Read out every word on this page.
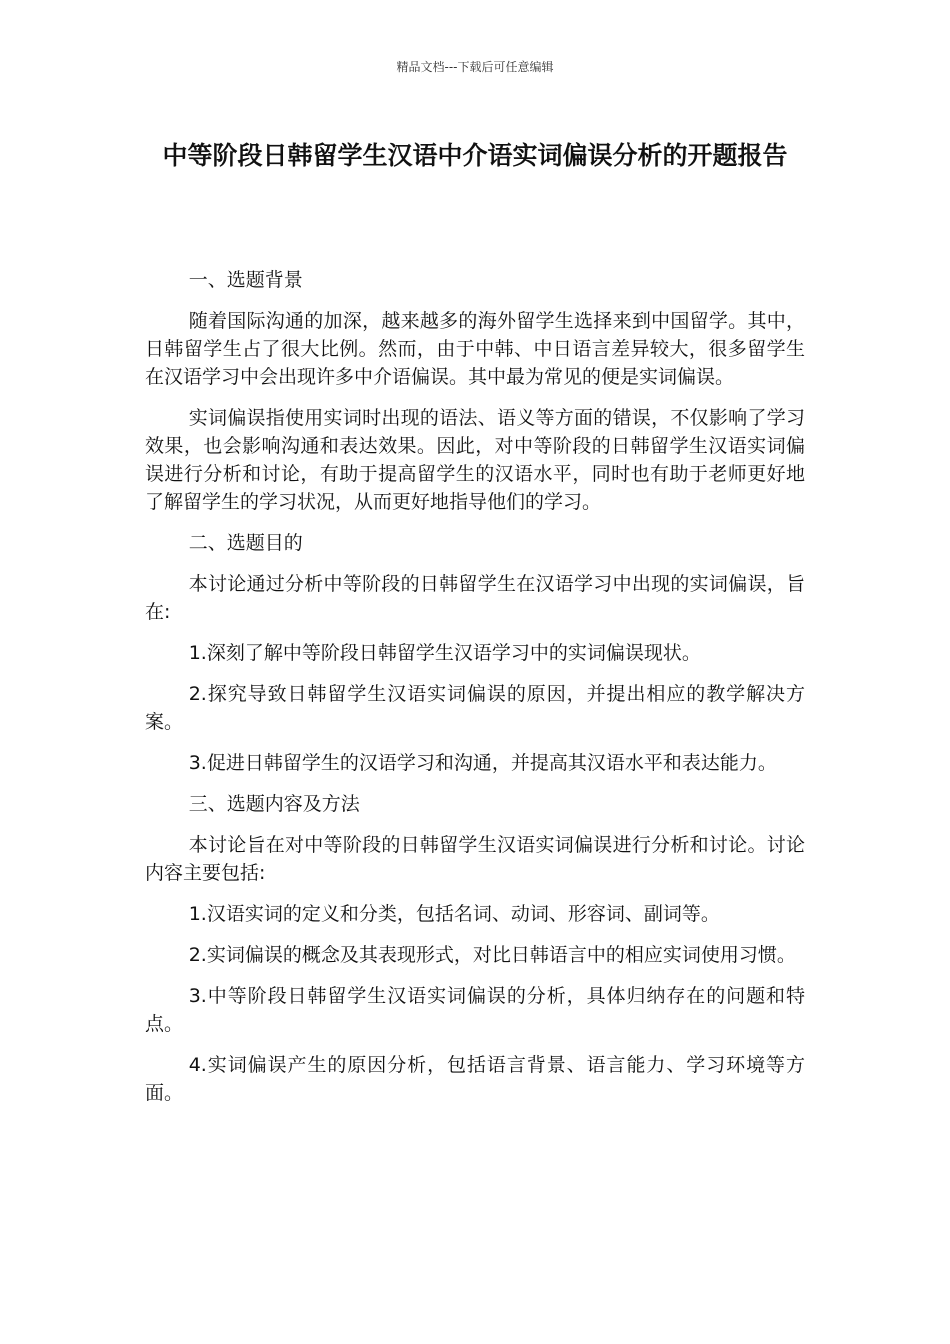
精品文档---下载后可任意编辑
中等阶段日韩留学生汉语中介语实词偏误分析的开题报告

一、选题背景

随着国际沟通的加深，越来越多的海外留学生选择来到中国留学。其中，日韩留学生占了很大比例。然而，由于中韩、中日语言差异较大，很多留学生在汉语学习中会出现许多中介语偏误。其中最为常见的便是实词偏误。

实词偏误指使用实词时出现的语法、语义等方面的错误，不仅影响了学习效果，也会影响沟通和表达效果。因此，对中等阶段的日韩留学生汉语实词偏误进行分析和讨论，有助于提高留学生的汉语水平，同时也有助于老师更好地了解留学生的学习状况，从而更好地指导他们的学习。

二、选题目的

本讨论通过分析中等阶段的日韩留学生在汉语学习中出现的实词偏误，旨在:

1.深刻了解中等阶段日韩留学生汉语学习中的实词偏误现状。

2.探究导致日韩留学生汉语实词偏误的原因，并提出相应的教学解决方案。

3.促进日韩留学生的汉语学习和沟通，并提高其汉语水平和表达能力。

三、选题内容及方法

本讨论旨在对中等阶段的日韩留学生汉语实词偏误进行分析和讨论。讨论内容主要包括:

1.汉语实词的定义和分类，包括名词、动词、形容词、副词等。

2.实词偏误的概念及其表现形式，对比日韩语言中的相应实词使用习惯。

3.中等阶段日韩留学生汉语实词偏误的分析，具体归纳存在的问题和特点。

4.实词偏误产生的原因分析，包括语言背景、语言能力、学习环境等方面。
